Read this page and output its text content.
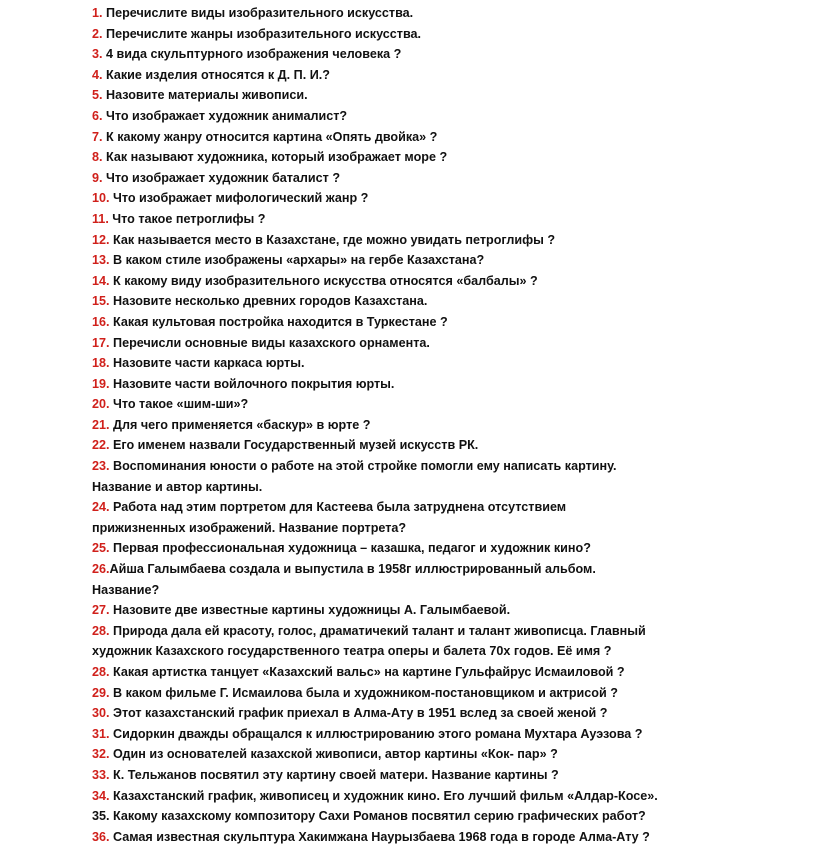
1. Перечислите виды изобразительного искусства.
2. Перечислите жанры изобразительного искусства.
3. 4 вида скульптурного изображения человека ?
4. Какие изделия относятся к Д. П. И.?
5. Назовите материалы живописи.
6. Что изображает художник анималист?
7. К какому жанру относится картина «Опять двойка» ?
8. Как называют художника, который изображает море ?
9. Что изображает художник баталист ?
10. Что изображает мифологический жанр ?
11. Что такое петроглифы ?
12. Как называется место в Казахстане, где можно увидать петроглифы ?
13. В каком стиле изображены «архары» на гербе Казахстана?
14. К какому виду изобразительного искусства относятся «балбалы» ?
15. Назовите несколько древних городов Казахстана.
16. Какая культовая постройка находится в Туркестане ?
17. Перечисли основные виды казахского орнамента.
18. Назовите части каркаса юрты.
19. Назовите части войлочного покрытия юрты.
20. Что такое «шим-ши»?
21. Для чего применяется «баскур» в юрте ?
22. Его именем назвали Государственный музей искусств РК.
23. Воспоминания юности о работе на этой стройке помогли ему написать картину.
Название и автор картины.
24. Работа над этим портретом для Кастеева была затруднена отсутствием
прижизненных изображений. Название портрета?
25. Первая профессиональная художница – казашка, педагог и художник кино?
26.Айша Галымбаева создала и выпустила в 1958г иллюстрированный альбом.
Название?
27. Назовите две известные картины художницы А. Галымбаевой.
28. Природа дала ей красоту, голос, драматичекий талант и талант живописца. Главный
художник Казахского государственного театра оперы и балета 70х годов. Её имя ?
28. Какая артистка танцует «Казахский вальс» на картине Гульфайрус Исмаиловой ?
29. В каком фильме Г. Исмаилова была и художником-постановщиком и актрисой ?
30. Этот казахстанский график приехал в Алма-Ату в 1951 вслед за своей женой ?
31. Сидоркин дважды обращался к иллюстрированию этого романа Мухтара Ауэзова ?
32. Один из основателей казахской живописи, автор картины «Кок- пар» ?
33. К. Тельжанов посвятил эту картину своей матери. Название картины ?
34. Казахстанский график, живописец и художник кино. Его лучший фильм «Алдар-Косе».
35. Какому казахскому композитору Сахи Романов посвятил серию графических работ?
36. Самая известная скульптура Хакимжана Наурызбаева 1968 года в городе Алма-Ату ?
